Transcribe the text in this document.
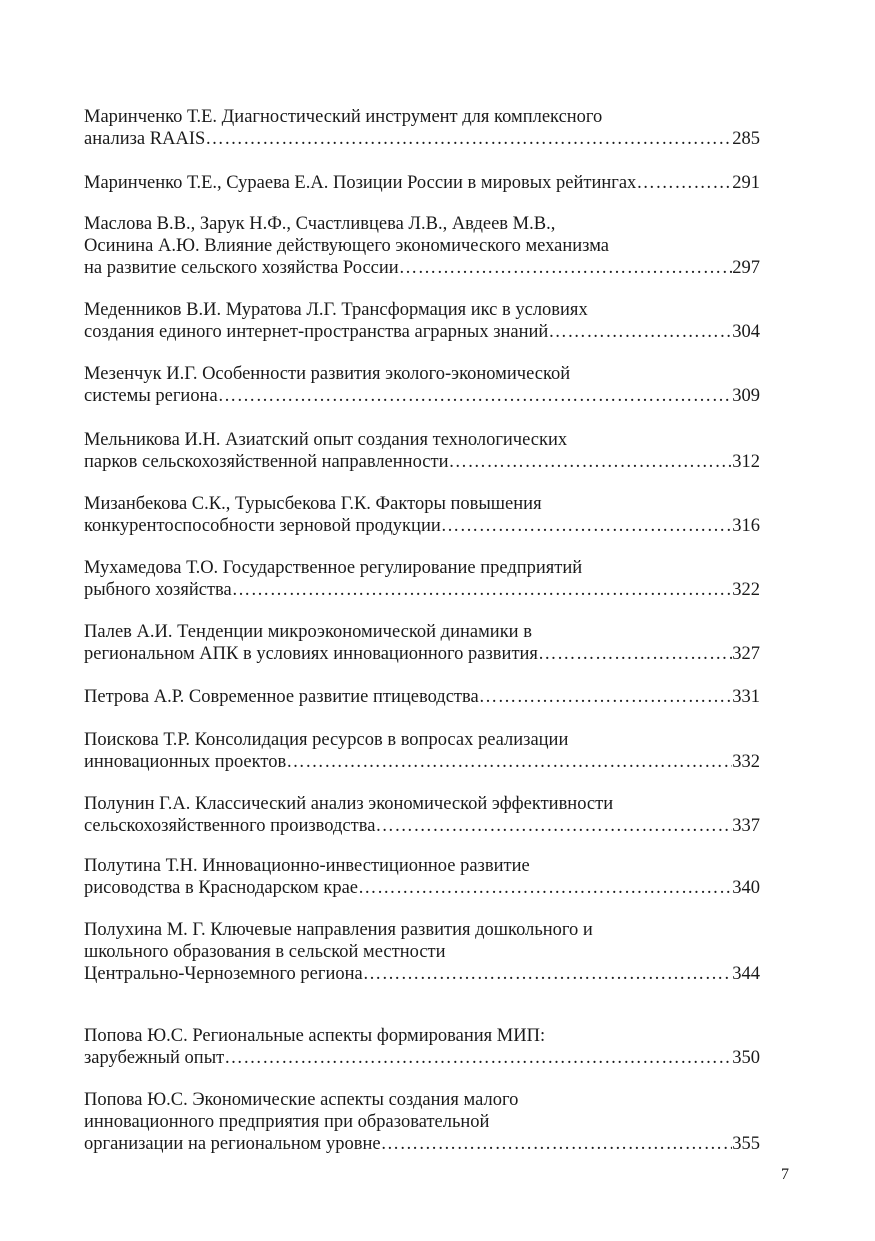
Маринченко Т.Е. Диагностический инструмент для комплексного
анализа RAAIS ……………………………………………………………………………………………………………………………………………………………………………………………………………………	285
Маринченко Т.Е., Сураева Е.А. Позиции России в мировых рейтингах ……………………………………………………………………………………………………………………………………………………………………………………………………………………	291
Маслова В.В., Зарук Н.Ф., Счастливцева Л.В., Авдеев М.В.,
Осинина А.Ю. Влияние действующего экономического механизма
на развитие сельского хозяйства России ……………………………………………………………………………………………………………………………………………………………………………………………………………………	297
Меденников В.И. Муратова Л.Г. Трансформация икс в условиях
создания единого интернет-пространства аграрных знаний ……………………………………………………………………………………………………………………………………………………………………………………………………………………	304
Мезенчук И.Г. Особенности развития эколого-экономической
системы региона ……………………………………………………………………………………………………………………………………………………………………………………………………………………	309
Мельникова И.Н. Азиатский опыт создания технологических
парков сельскохозяйственной направленности ……………………………………………………………………………………………………………………………………………………………………………………………………………………	312
Мизанбекова С.К., Турысбекова Г.К. Факторы повышения
конкурентоспособности зерновой продукции ……………………………………………………………………………………………………………………………………………………………………………………………………………………	316
Мухамедова Т.О. Государственное регулирование предприятий
рыбного хозяйства ……………………………………………………………………………………………………………………………………………………………………………………………………………………	322
Палев А.И. Тенденции микроэкономической динамики в
региональном АПК в условиях инновационного развития ……………………………………………………………………………………………………………………………………………………………………………………………………………………	327
Петрова А.Р. Современное развитие птицеводства ……………………………………………………………………………………………………………………………………………………………………………………………………………………	331
Поискова Т.Р. Консолидация ресурсов в вопросах реализации
инновационных проектов ……………………………………………………………………………………………………………………………………………………………………………………………………………………	332
Полунин Г.А. Классический анализ экономической эффективности
сельскохозяйственного производства ……………………………………………………………………………………………………………………………………………………………………………………………………………………	337
Полутина Т.Н. Инновационно-инвестиционное развитие
рисоводства в Краснодарском крае ……………………………………………………………………………………………………………………………………………………………………………………………………………………	340
Полухина М. Г. Ключевые направления развития дошкольного и
школьного образования в сельской местности
Центрально-Черноземного региона ……………………………………………………………………………………………………………………………………………………………………………………………………………………	344
Попова Ю.С. Региональные аспекты формирования МИП:
зарубежный опыт ……………………………………………………………………………………………………………………………………………………………………………………………………………………	350
Попова Ю.С. Экономические аспекты создания малого
инновационного предприятия при образовательной
организации на региональном уровне ……………………………………………………………………………………………………………………………………………………………………………………………………………………	355
7
